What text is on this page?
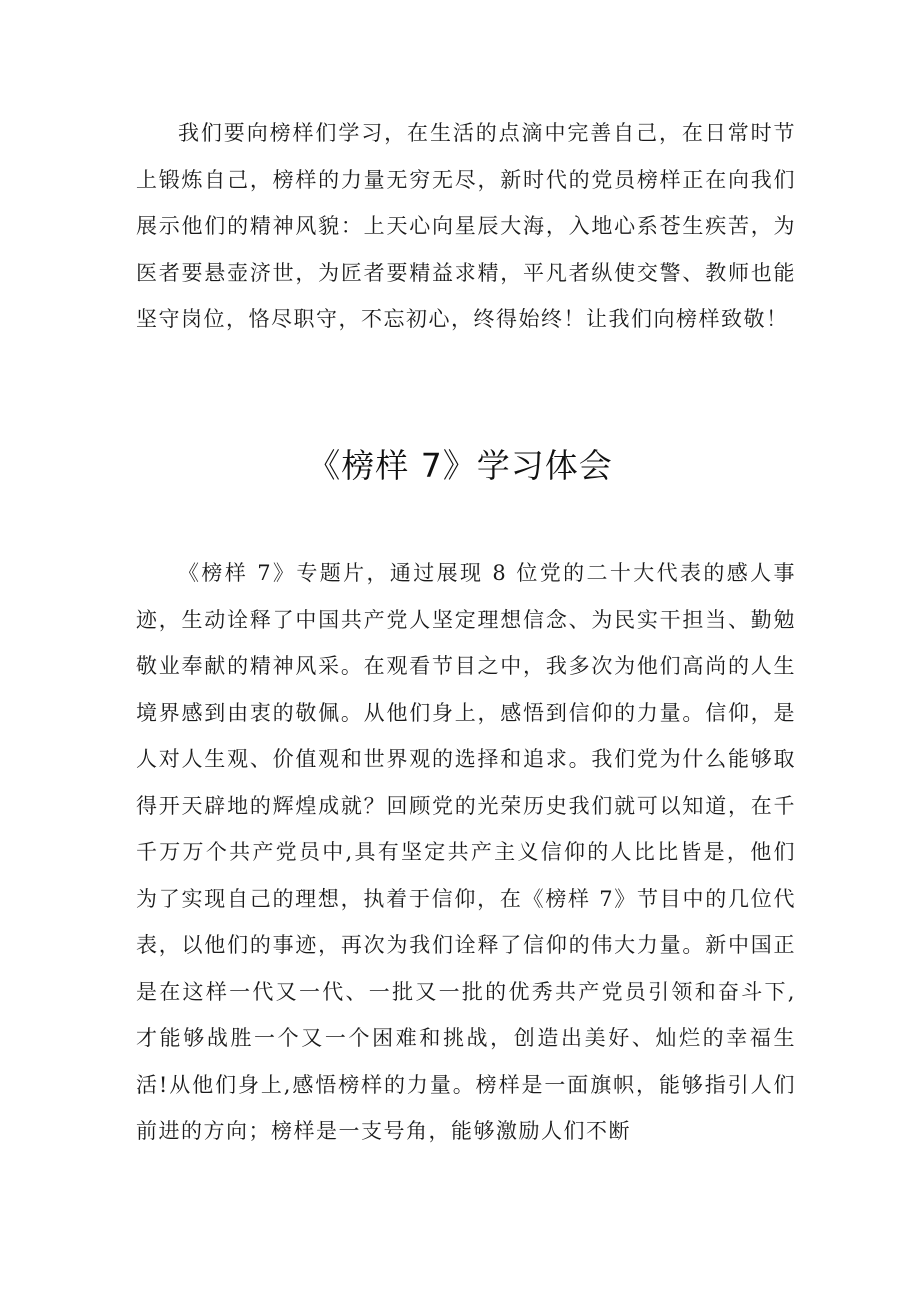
我们要向榜样们学习，在生活的点滴中完善自己，在日常时节上锻炼自己，榜样的力量无穷无尽，新时代的党员榜样正在向我们展示他们的精神风貌：上天心向星辰大海，入地心系苍生疾苦，为医者要悬壶济世，为匠者要精益求精，平凡者纵使交警、教师也能坚守岗位，恪尽职守，不忘初心，终得始终！让我们向榜样致敬！

《榜样 7》学习体会

《榜样 7》专题片，通过展现 8 位党的二十大代表的感人事迹，生动诠释了中国共产党人坚定理想信念、为民实干担当、勤勉敬业奉献的精神风采。在观看节目之中，我多次为他们高尚的人生境界感到由衷的敬佩。从他们身上，感悟到信仰的力量。信仰，是人对人生观、价值观和世界观的选择和追求。我们党为什么能够取得开天辟地的辉煌成就？回顾党的光荣历史我们就可以知道，在千千万万个共产党员中,具有坚定共产主义信仰的人比比皆是，他们为了实现自己的理想，执着于信仰，在《榜样 7》节目中的几位代表，以他们的事迹，再次为我们诠释了信仰的伟大力量。新中国正是在这样一代又一代、一批又一批的优秀共产党员引领和奋斗下,才能够战胜一个又一个困难和挑战，创造出美好、灿烂的幸福生活!从他们身上,感悟榜样的力量。榜样是一面旗帜，能够指引人们前进的方向；榜样是一支号角，能够激励人们不断
